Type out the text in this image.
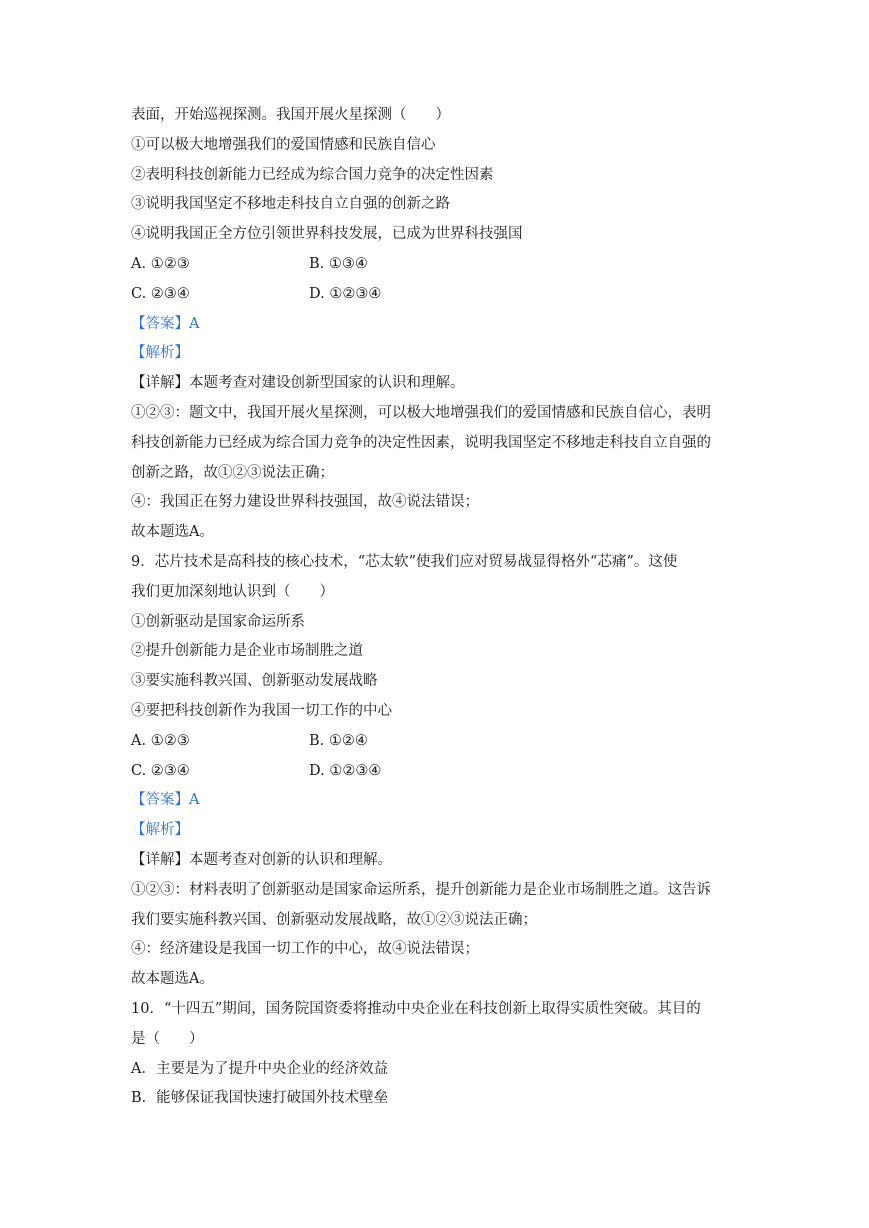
表面，开始巡视探测。我国开展火星探测（　　）
①可以极大地增强我们的爱国情感和民族自信心
②表明科技创新能力已经成为综合国力竞争的决定性因素
③说明我国坚定不移地走科技自立自强的创新之路
④说明我国正全方位引领世界科技发展，已成为世界科技强国
A. ①②③	B. ①③④
C. ②③④	D. ①②③④
【答案】A
【解析】
【详解】本题考查对建设创新型国家的认识和理解。
①②③：题文中，我国开展火星探测，可以极大地增强我们的爱国情感和民族自信心，表明
科技创新能力已经成为综合国力竞争的决定性因素，说明我国坚定不移地走科技自立自强的
创新之路，故①②③说法正确；
④：我国正在努力建设世界科技强国，故④说法错误；
故本题选A。
9．芯片技术是高科技的核心技术，“芯太软”使我们应对贸易战显得格外“芯痛”。这使
我们更加深刻地认识到（　　）
①创新驱动是国家命运所系
②提升创新能力是企业市场制胜之道
③要实施科教兴国、创新驱动发展战略
④要把科技创新作为我国一切工作的中心
A. ①②③	B. ①②④
C. ②③④	D. ①②③④
【答案】A
【解析】
【详解】本题考查对创新的认识和理解。
①②③：材料表明了创新驱动是国家命运所系，提升创新能力是企业市场制胜之道。这告诉
我们要实施科教兴国、创新驱动发展战略，故①②③说法正确；
④：经济建设是我国一切工作的中心，故④说法错误；
故本题选A。
10．“十四五”期间，国务院国资委将推动中央企业在科技创新上取得实质性突破。其目的
是（　　）
A．主要是为了提升中央企业的经济效益
B．能够保证我国快速打破国外技术壁垒
